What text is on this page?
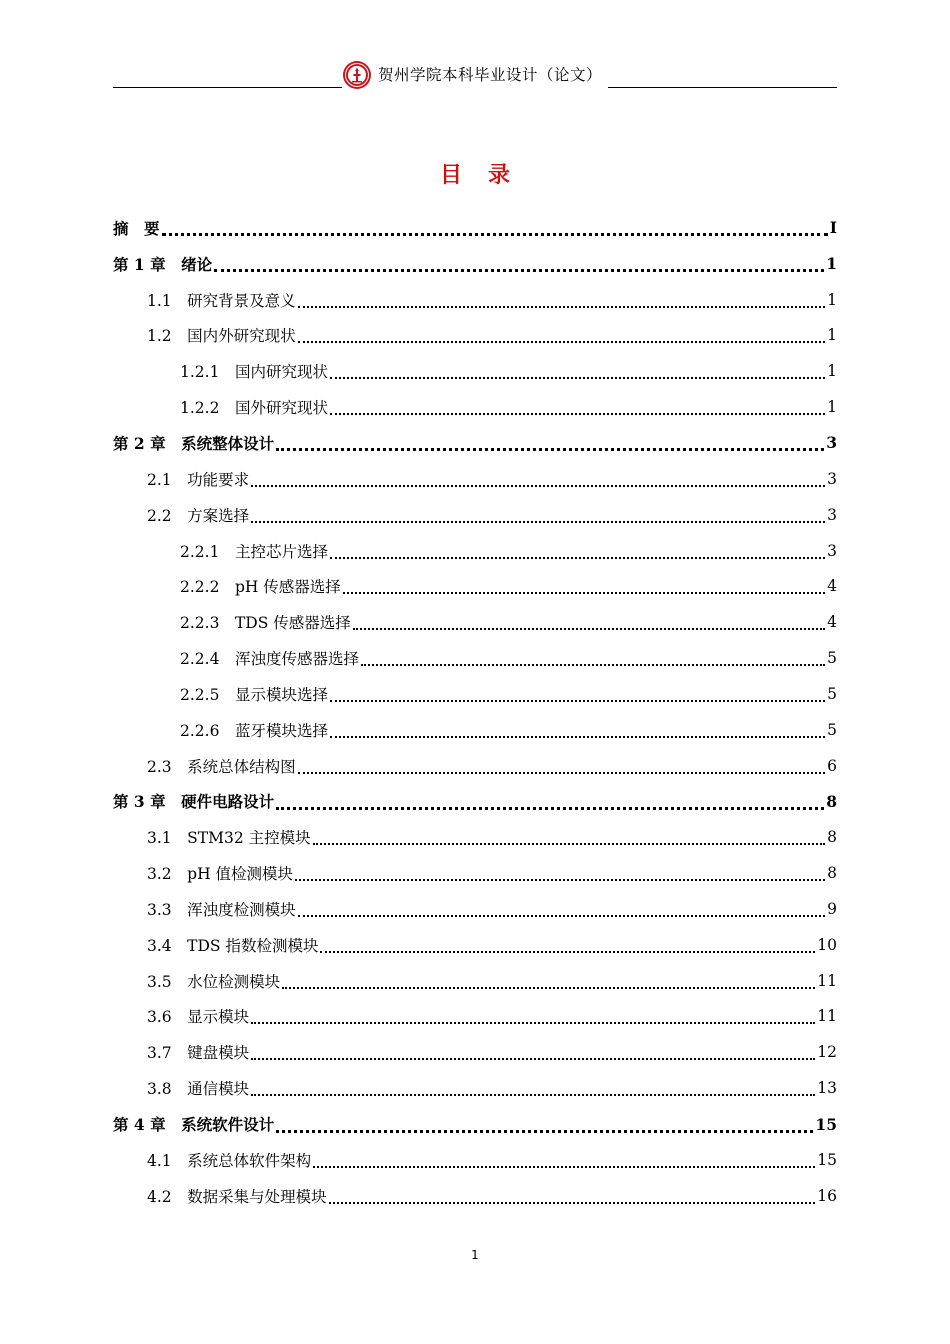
贺州学院本科毕业设计（论文）
目 录
摘　要	I
第 1 章　绪论	1
1.1　研究背景及意义	1
1.2　国内外研究现状	1
1.2.1　国内研究现状	1
1.2.2　国外研究现状	1
第 2 章　系统整体设计	3
2.1　功能要求	3
2.2　方案选择	3
2.2.1　主控芯片选择	3
2.2.2　pH 传感器选择	4
2.2.3　TDS 传感器选择	4
2.2.4　浑浊度传感器选择	5
2.2.5　显示模块选择	5
2.2.6　蓝牙模块选择	5
2.3　系统总体结构图	6
第 3 章　硬件电路设计	8
3.1　STM32 主控模块	8
3.2　pH 值检测模块	8
3.3　浑浊度检测模块	9
3.4　TDS 指数检测模块	10
3.5　水位检测模块	11
3.6　显示模块	11
3.7　键盘模块	12
3.8　通信模块	13
第 4 章　系统软件设计	15
4.1　系统总体软件架构	15
4.2　数据采集与处理模块	16
1
